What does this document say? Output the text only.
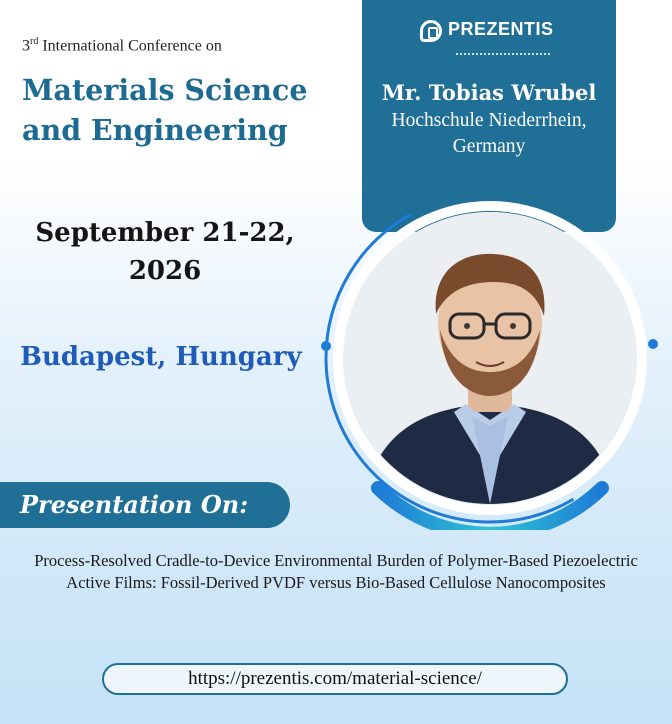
3rd International Conference on
Materials Science and Engineering
September 21-22, 2026
Budapest, Hungary
PREZENTIS
Mr. Tobias Wrubel
Hochschule Niederrhein, Germany
Presentation On:
Process-Resolved Cradle-to-Device Environmental Burden of Polymer-Based Piezoelectric Active Films: Fossil-Derived PVDF versus Bio-Based Cellulose Nanocomposites
https://prezentis.com/material-science/
